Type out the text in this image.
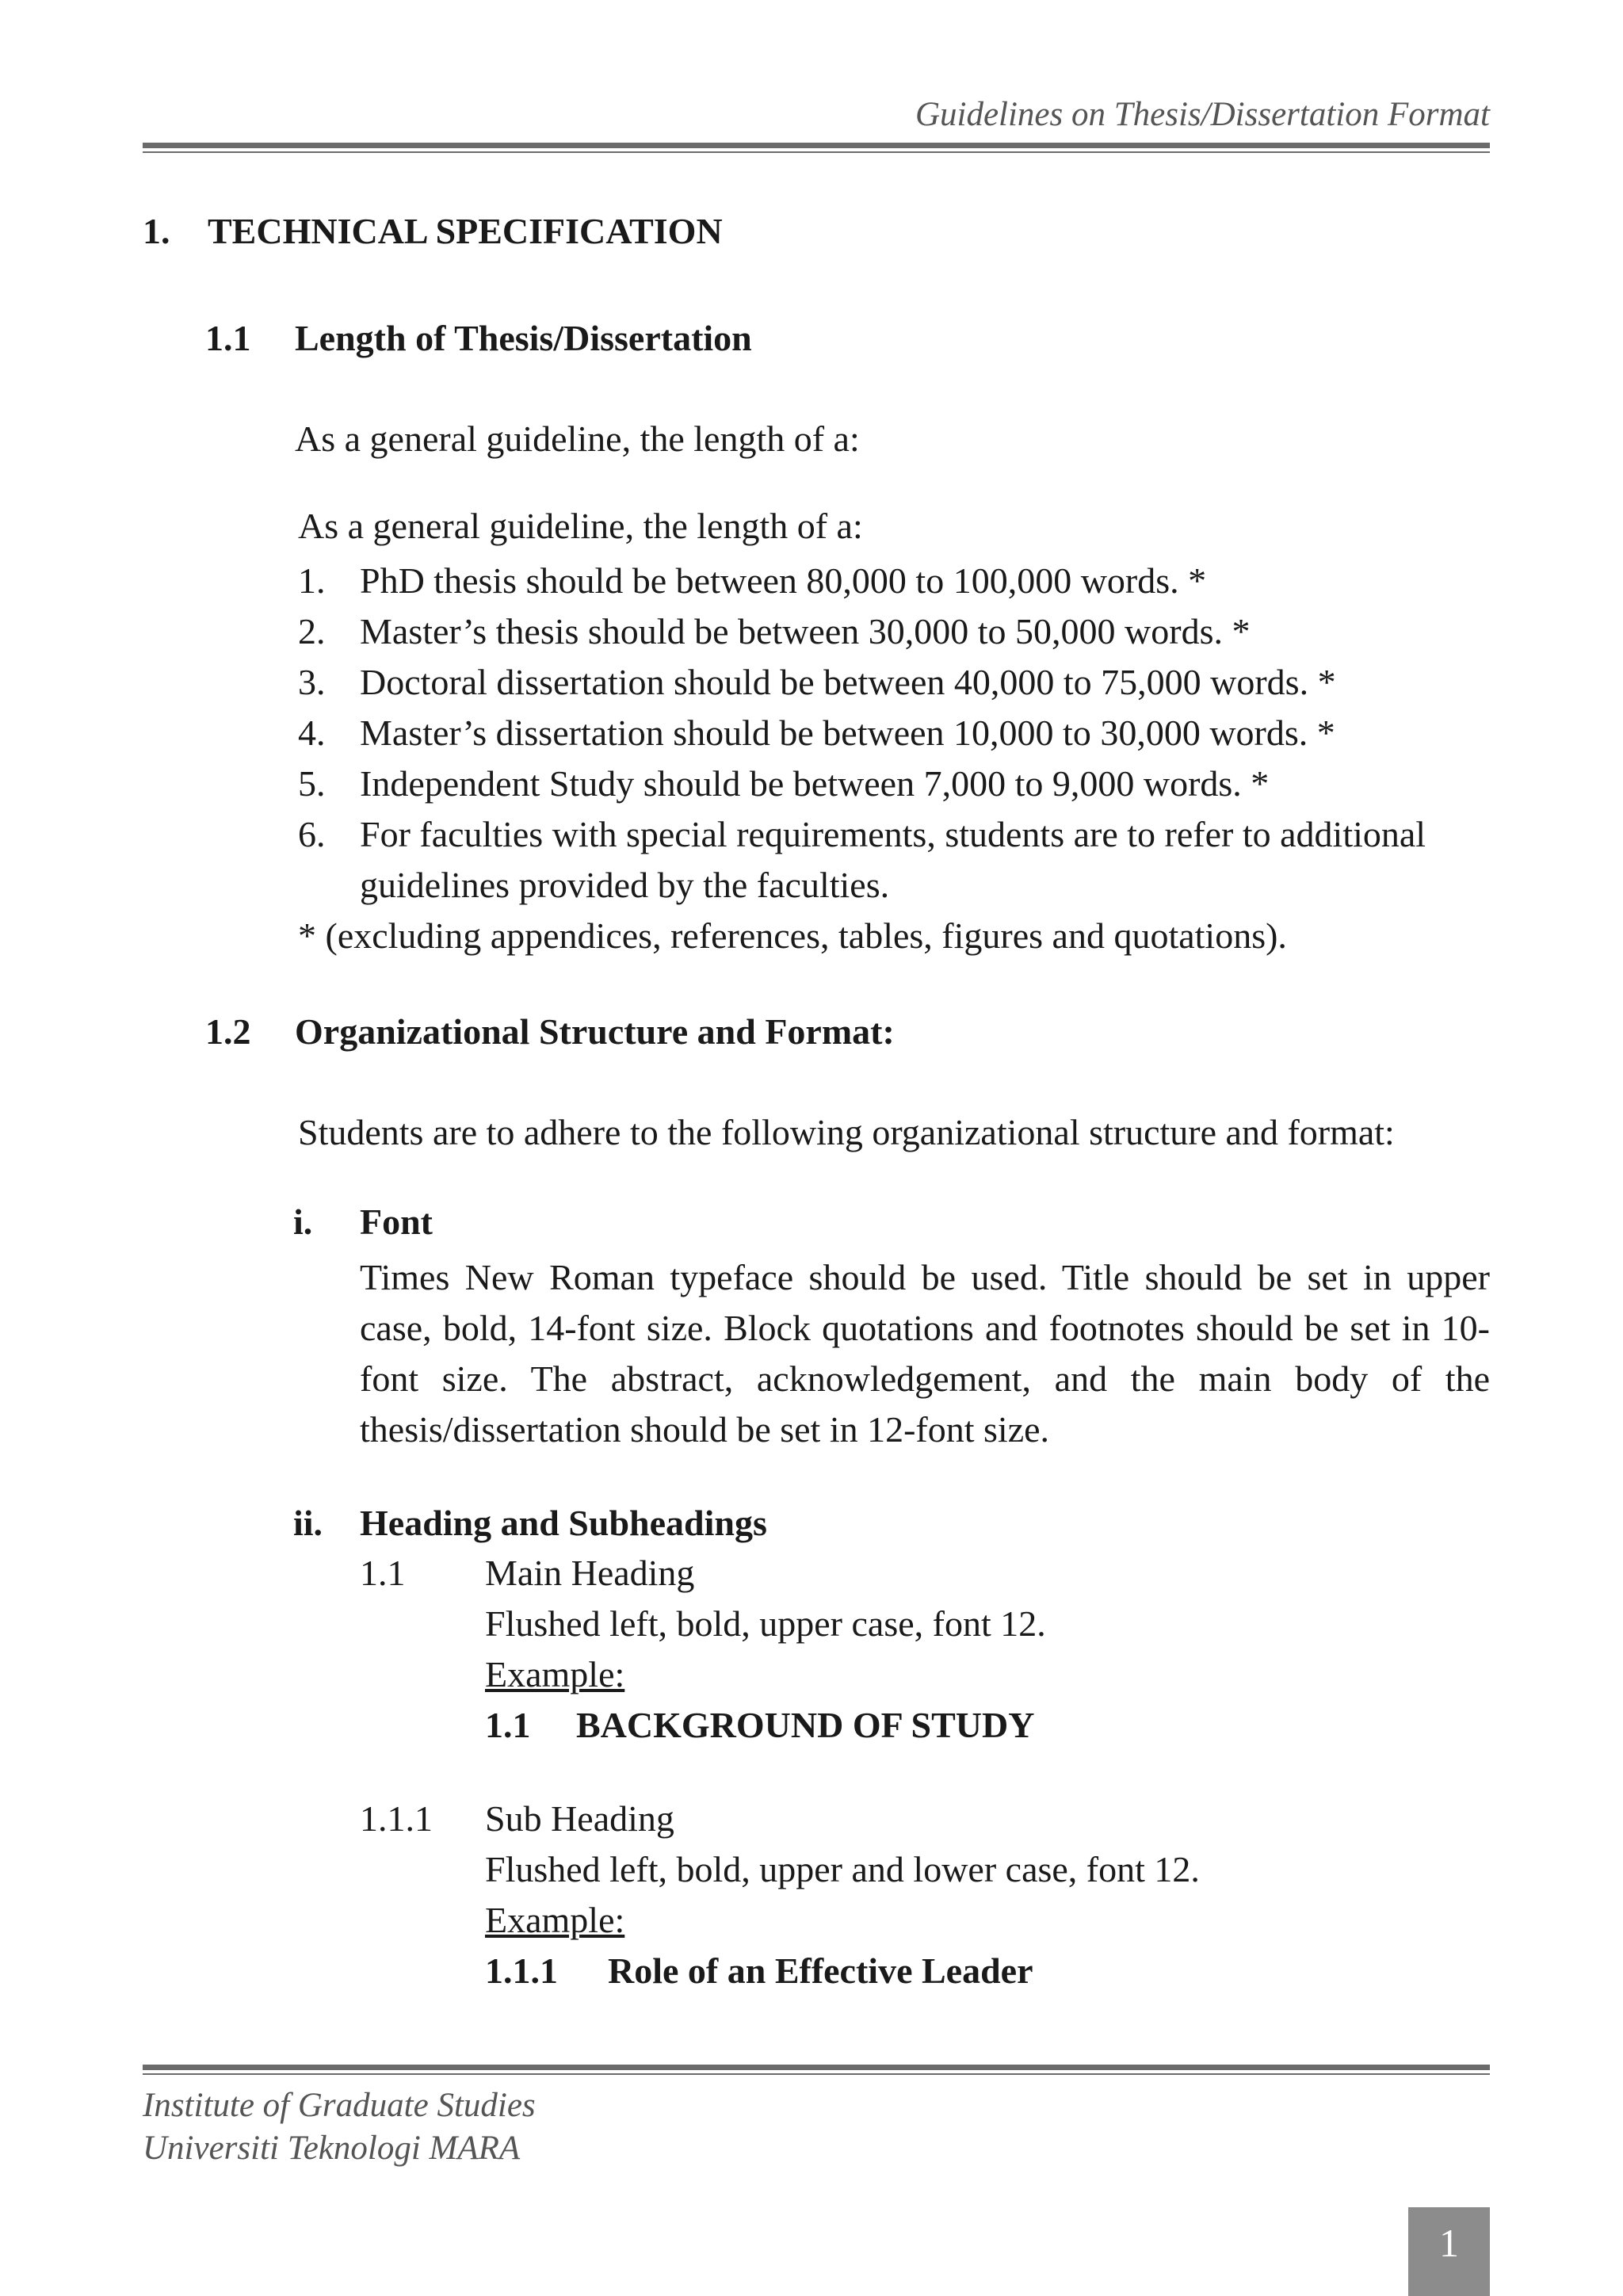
Guidelines on Thesis/Dissertation Format
1. TECHNICAL SPECIFICATION
1.1 Length of Thesis/Dissertation
As a general guideline, the length of a:
As a general guideline, the length of a:
1. PhD thesis should be between 80,000 to 100,000 words. *
2. Master’s thesis should be between 30,000 to 50,000 words. *
3. Doctoral dissertation should be between 40,000 to 75,000 words. *
4. Master’s dissertation should be between 10,000 to 30,000 words. *
5. Independent Study should be between 7,000 to 9,000 words. *
6. For faculties with special requirements, students are to refer to additional
guidelines provided by the faculties.
* (excluding appendices, references, tables, figures and quotations).
1.2 Organizational Structure and Format:
Students are to adhere to the following organizational structure and format:
i. Font
Times New Roman typeface should be used. Title should be set in upper case, bold, 14-font size. Block quotations and footnotes should be set in 10-font size. The abstract, acknowledgement, and the main body of the thesis/dissertation should be set in 12-font size.
ii. Heading and Subheadings
1.1 Main Heading
Flushed left, bold, upper case, font 12.
Example:
1.1 BACKGROUND OF STUDY
1.1.1 Sub Heading
Flushed left, bold, upper and lower case, font 12.
Example:
1.1.1 Role of an Effective Leader
Institute of Graduate Studies
Universiti Teknologi MARA
1
